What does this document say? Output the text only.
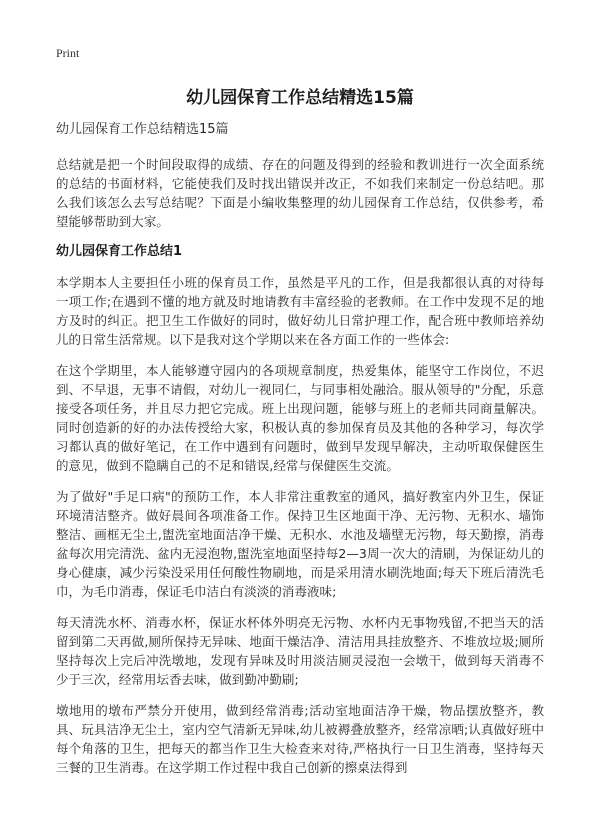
Print
幼儿园保育工作总结精选15篇
幼儿园保育工作总结精选15篇
总结就是把一个时间段取得的成绩、存在的问题及得到的经验和教训进行一次全面系统的总结的书面材料，它能使我们及时找出错误并改正，不如我们来制定一份总结吧。那么我们该怎么去写总结呢？下面是小编收集整理的幼儿园保育工作总结，仅供参考，希望能够帮助到大家。
幼儿园保育工作总结1
本学期本人主要担任小班的保育员工作，虽然是平凡的工作，但是我都很认真的对待每一项工作;在遇到不懂的地方就及时地请教有丰富经验的老教师。在工作中发现不足的地方及时的纠正。把卫生工作做好的同时，做好幼儿日常护理工作，配合班中教师培养幼儿的日常生活常规。以下是我对这个学期以来在各方面工作的一些体会:
在这个学期里，本人能够遵守园内的各项规章制度，热爱集体，能坚守工作岗位，不迟到、不早退，无事不请假，对幼儿一视同仁，与同事相处融洽。服从领导的"分配，乐意接受各项任务，并且尽力把它完成。班上出现问题，能够与班上的老师共同商量解决。同时创造新的好的办法传授给大家，积极认真的参加保育员及其他的各种学习，每次学习都认真的做好笔记，在工作中遇到有问题时，做到早发现早解决，主动听取保健医生的意见，做到不隐瞒自己的不足和错误,经常与保健医生交流。
为了做好"手足口病"的预防工作，本人非常注重教室的通风，搞好教室内外卫生，保证环境清洁整齐。做好晨间各项准备工作。保持卫生区地面干净、无污物、无积水、墙饰整洁、画框无尘土,盥洗室地面洁净干燥、无积水、水池及墙壁无污物，每天勤擦，消毒盆每次用完清洗、盆内无浸泡物,盥洗室地面坚持每2—3周一次大的清刷，为保证幼儿的身心健康，减少污染没采用任何酸性物刷地，而是采用清水刷洗地面;每天下班后清洗毛巾，为毛巾消毒，保证毛巾洁白有淡淡的消毒液味;
每天清洗水杯、消毒水杯，保证水杯体外明亮无污物、水杯内无事物残留,不把当天的活留到第二天再做,厕所保持无异味、地面干燥洁净、清洁用具挂放整齐、不堆放垃圾;厕所坚持每次上完后冲洗墩地，发现有异味及时用淡洁厕灵浸泡一会墩干，做到每天消毒不少于三次，经常用坛香去味，做到勤冲勤刷;
墩地用的墩布严禁分开使用，做到经常消毒;活动室地面洁净干燥，物品摆放整齐，教具、玩具洁净无尘土，室内空气清新无异味,幼儿被褥叠放整齐，经常凉晒;认真做好班中每个角落的卫生，把每天的都当作卫生大检查来对待,严格执行一日卫生消毒，坚持每天三餐的卫生消毒。在这学期工作过程中我自己创新的擦桌法得到
